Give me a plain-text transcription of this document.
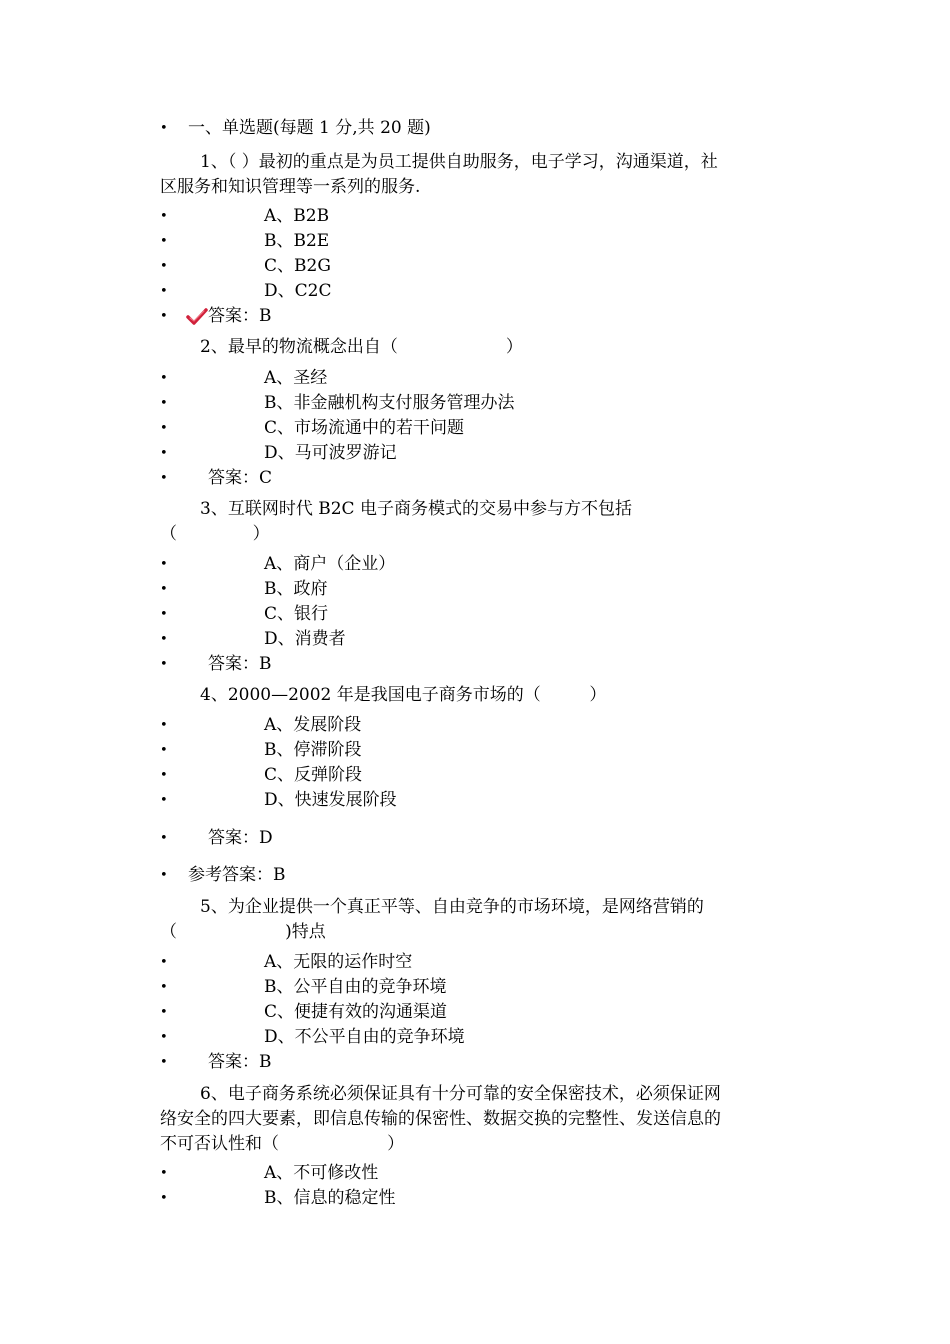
• 一、单选题(每题 1 分,共 20 题)
1、（ ）最初的重点是为员工提供自助服务，电子学习，沟通渠道，社
区服务和知识管理等一系列的服务.
•	A、B2B
•	B、B2E
•	C、B2G
•	D、C2C
• 答案：B
2、最早的物流概念出自（                    ）
•	A、圣经
•	B、非金融机构支付服务管理办法
•	C、市场流通中的若干问题
•	D、马可波罗游记
• 答案：C
3、互联网时代 B2C 电子商务模式的交易中参与方不包括
（              ）
•	A、商户（企业）
•	B、政府
•	C、银行
•	D、消费者
• 答案：B
4、2000—2002 年是我国电子商务市场的（         ）
•	A、发展阶段
•	B、停滞阶段
•	C、反弹阶段
•	D、快速发展阶段
• 答案：D
• 参考答案：B
5、为企业提供一个真正平等、自由竞争的市场环境，是网络营销的
（                    )特点
•	A、无限的运作时空
•	B、公平自由的竞争环境
•	C、便捷有效的沟通渠道
•	D、不公平自由的竞争环境
• 答案：B
6、电子商务系统必须保证具有十分可靠的安全保密技术，必须保证网
络安全的四大要素，即信息传输的保密性、数据交换的完整性、发送信息的
不可否认性和（                    ）
•	A、不可修改性
•	B、信息的稳定性
